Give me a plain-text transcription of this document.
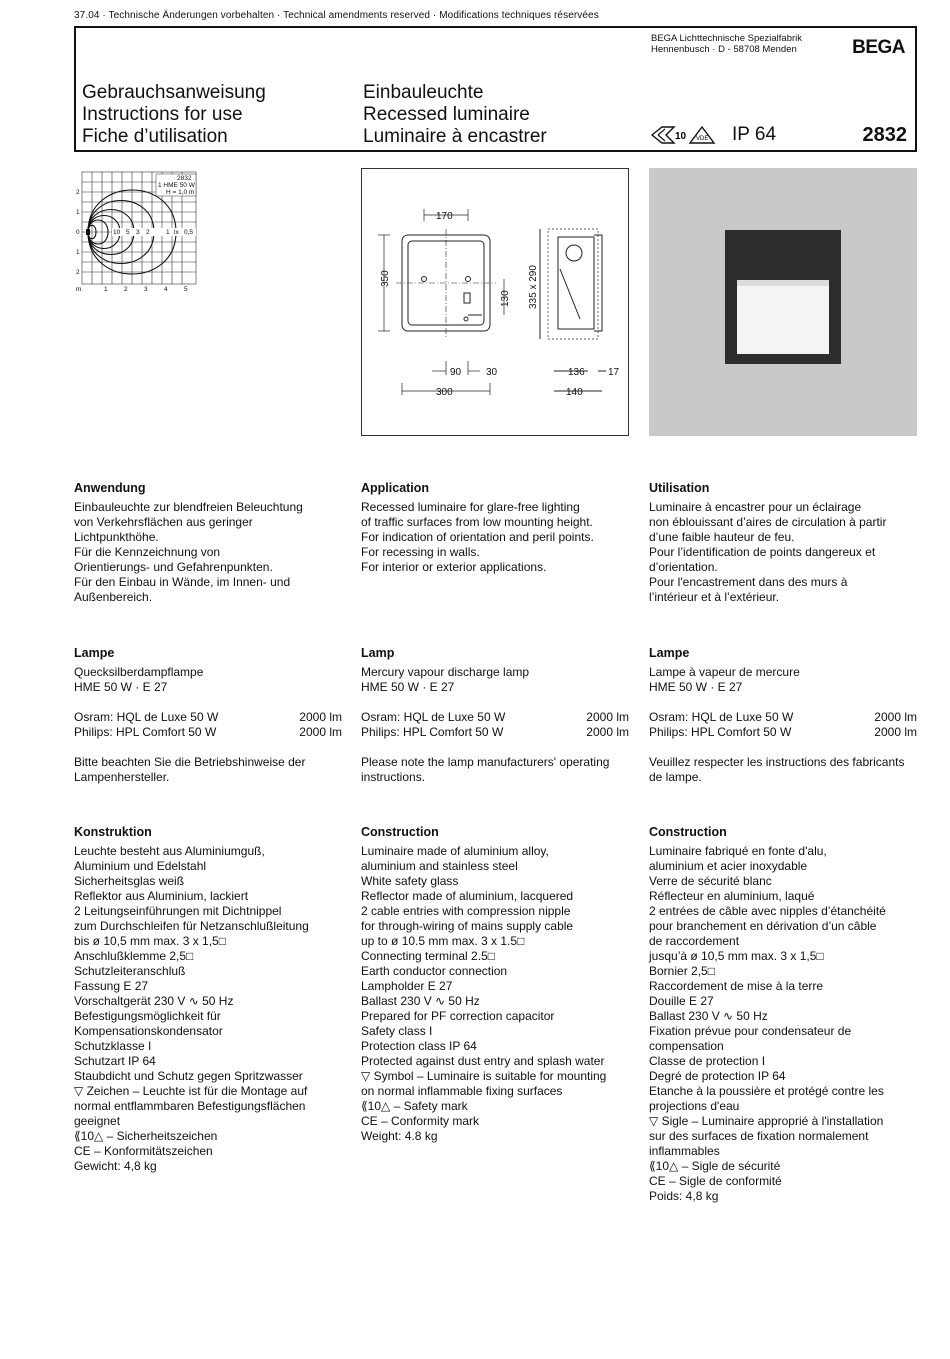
37.04 · Technische Änderungen vorbehalten · Technical amendments reserved · Modifications techniques réservées
BEGA Lichttechnische Spezialfabrik
Hennenbusch · D - 58708 Menden	BEGA
Gebrauchsanweisung
Instructions for use
Fiche d’utilisation
Einbauleuchte
Recessed luminaire
Luminaire à encastrer	10 VDE IP 64	2832
2832
1 HME 50 W
H = 1,0 m
2
1
0
1
2
m	1	2	3	4	5
10 5 3 2	1 lx 0,5
170
350
130 335 x 290
90 30
300
136 17
140
Anwendung
Einbauleuchte zur blendfreien Beleuchtung
von Verkehrsflächen aus geringer
Lichtpunkthöhe.
Für die Kennzeichnung von
Orientierungs- und Gefahrenpunkten.
Für den Einbau in Wände, im Innen- und
Außenbereich.
Application
Recessed luminaire for glare-free lighting
of traffic surfaces from low mounting height.
For indication of orientation and peril points.
For recessing in walls.
For interior or exterior applications.
Utilisation
Luminaire à encastrer pour un éclairage
non éblouissant d’aires de circulation à partir
d’une faible hauteur de feu.
Pour l’identification de points dangereux et
d’orientation.
Pour l'encastrement dans des murs à
l’intérieur et à l’extérieur.
Lampe
Quecksilberdampflampe
HME 50 W · E 27
Osram: HQL de Luxe 50 W	2000 lm
Philips: HPL Comfort 50 W	2000 lm
Bitte beachten Sie die Betriebshinweise der
Lampenhersteller.
Lamp
Mercury vapour discharge lamp
HME 50 W · E 27
Osram: HQL de Luxe 50 W	2000 lm
Philips: HPL Comfort 50 W	2000 lm
Please note the lamp manufacturers' operating
instructions.
Lampe
Lampe à vapeur de mercure
HME 50 W · E 27
Osram: HQL de Luxe 50 W	2000 lm
Philips: HPL Comfort 50 W	2000 lm
Veuillez respecter les instructions des fabricants
de lampe.
Konstruktion
Leuchte besteht aus Aluminiumguß,
Aluminium und Edelstahl
Sicherheitsglas weiß
Reflektor aus Aluminium, lackiert
2 Leitungseinführungen mit Dichtnippel
zum Durchschleifen für Netzanschlußleitung
bis ø 10,5 mm max. 3 x 1,5□
Anschlußklemme 2,5□
Schutzleiteranschluß
Fassung E 27
Vorschaltgerät 230 V ∿ 50 Hz
Befestigungsmöglichkeit für
Kompensationskondensator
Schutzklasse I
Schutzart IP 64
Staubdicht und Schutz gegen Spritzwasser
▽ Zeichen – Leuchte ist für die Montage auf
normal entflammbaren Befestigungsflächen
geeignet
⟪10△ – Sicherheitszeichen
CE – Konformitätszeichen
Gewicht: 4,8 kg
Construction
Luminaire made of aluminium alloy,
aluminium and stainless steel
White safety glass
Reflector made of aluminium, lacquered
2 cable entries with compression nipple
for through-wiring of mains supply cable
up to ø 10.5 mm max. 3 x 1.5□
Connecting terminal 2.5□
Earth conductor connection
Lampholder E 27
Ballast 230 V ∿ 50 Hz
Prepared for PF correction capacitor
Safety class I
Protection class IP 64
Protected against dust entry and splash water
▽ Symbol – Luminaire is suitable for mounting
on normal inflammable fixing surfaces
⟪10△ – Safety mark
CE – Conformity mark
Weight: 4.8 kg
Construction
Luminaire fabriqué en fonte d'alu,
aluminium et acier inoxydable
Verre de sécurité blanc
Réflecteur en aluminium, laqué
2 entrées de câble avec nipples d’étanchéité
pour branchement en dérivation d’un câble
de raccordement
jusqu’à ø 10,5 mm max. 3 x 1,5□
Bornier 2,5□
Raccordement de mise à la terre
Douille E 27
Ballast 230 V ∿ 50 Hz
Fixation prévue pour condensateur de
compensation
Classe de protection I
Degré de protection IP 64
Etanche à la poussière et protégé contre les
projections d'eau
▽ Sigle – Luminaire approprié à l'installation
sur des surfaces de fixation normalement
inflammables
⟪10△ – Sigle de sécurité
CE – Sigle de conformité
Poids: 4,8 kg
